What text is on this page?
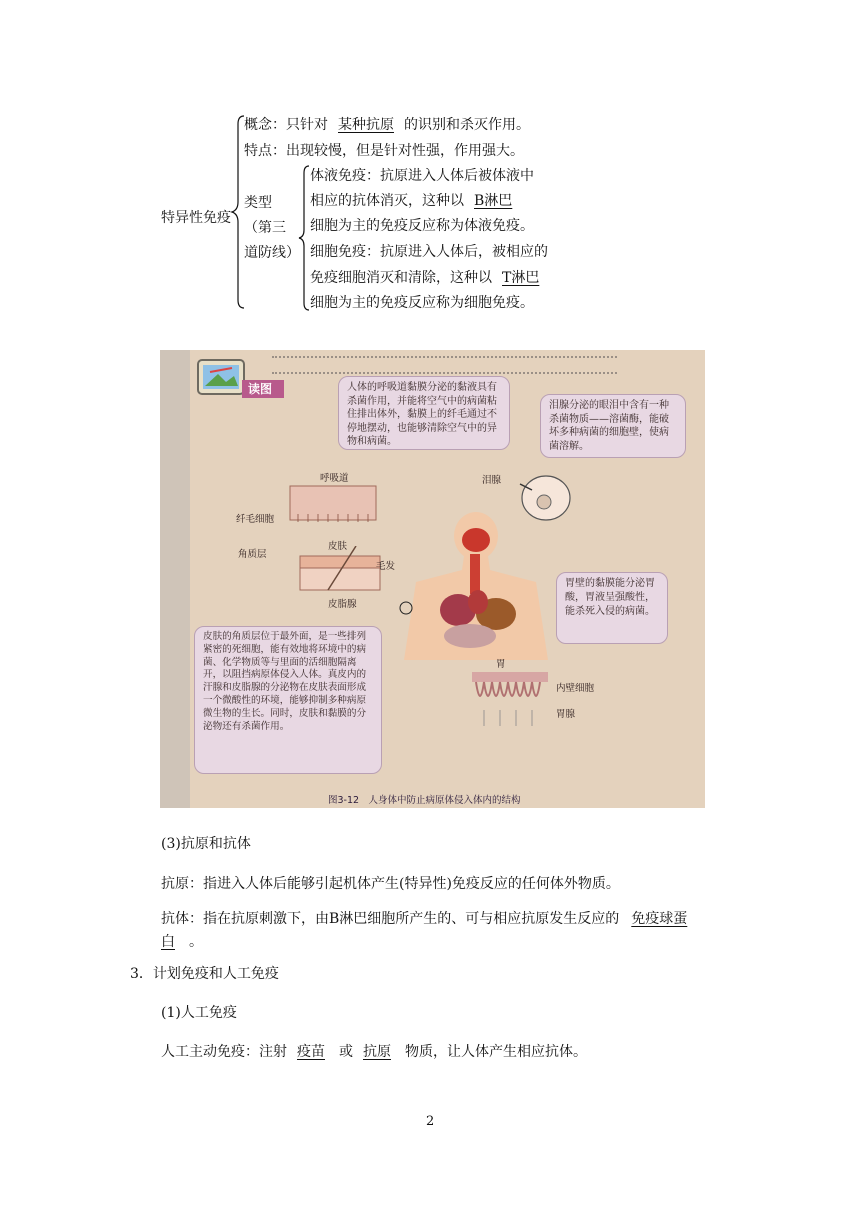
特异性免疫
概念：只针对 某种抗原 的识别和杀灭作用。
特点：出现较慢，但是针对性强，作用强大。
类型
（第三
道防线）
体液免疫：抗原进入人体后被体液中
相应的抗体消灭，这种以 B淋巴
细胞为主的免疫反应称为体液免疫。
细胞免疫：抗原进入人体后，被相应的
免疫细胞消灭和清除，这种以 T淋巴
细胞为主的免疫反应称为细胞免疫。
读图	人体的呼吸道黏膜分泌的黏液具有杀菌作用，并能将空气中的病菌粘住排出体外，黏膜上的纤毛通过不停地摆动，也能够清除空气中的异物和病菌。
泪腺分泌的眼泪中含有一种杀菌物质——溶菌酶，能破坏多种病菌的细胞壁，使病菌溶解。
胃壁的黏膜能分泌胃酸，胃液呈强酸性，能杀死入侵的病菌。
皮肤的角质层位于最外面，是一些排列紧密的死细胞，能有效地将环境中的病菌、化学物质等与里面的活细胞隔离开，以阻挡病原体侵入人体。真皮内的汗腺和皮脂腺的分泌物在皮肤表面形成一个微酸性的环境，能够抑制多种病原微生物的生长。同时，皮肤和黏膜的分泌物还有杀菌作用。
呼吸道
纤毛细胞
角质层
皮肤
毛发
皮脂腺
泪腺
胃
内壁细胞
胃腺
图3-12　人身体中防止病原体侵入体内的结构
(3)抗原和抗体
抗原：指进入人体后能够引起机体产生(特异性)免疫反应的任何体外物质。
抗体：指在抗原刺激下，由B淋巴细胞所产生的、可与相应抗原发生反应的 免疫球蛋
白 。
3．计划免疫和人工免疫
(1)人工免疫
人工主动免疫：注射 疫苗 或 抗原 物质，让人体产生相应抗体。
2
